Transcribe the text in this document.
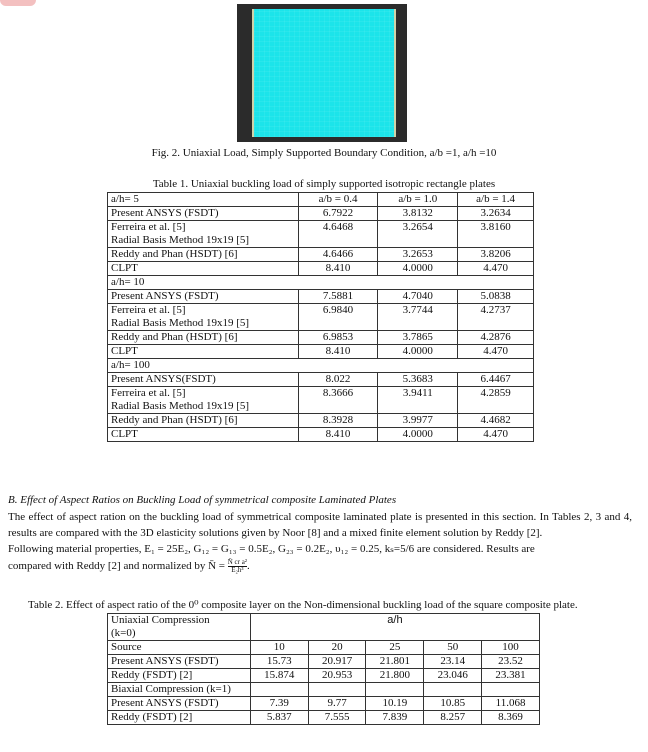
Fig. 2. Uniaxial Load, Simply Supported Boundary Condition, a/b =1, a/h =10
Table 1. Uniaxial buckling load of simply supported isotropic rectangle plates
a/h= 5	a/b = 0.4	a/b = 1.0	a/b = 1.4

Present ANSYS (FSDT)	6.7922	3.8132	3.2634

Ferreira et al. [5]
Radial Basis Method 19x19 [5]	4.6468	3.2654	3.8160

Reddy and Phan (HSDT) [6]	4.6466	3.2653	3.8206

CLPT	8.410	4.0000	4.470
a/h= 10			

Present ANSYS (FSDT)	7.5881	4.7040	5.0838

Ferreira et al. [5]
Radial Basis Method 19x19 [5]	6.9840	3.7744	4.2737

Reddy and Phan (HSDT) [6]	6.9853	3.7865	4.2876

CLPT	8.410	4.0000	4.470
a/h= 100			

Present ANSYS(FSDT)	8.022	5.3683	6.4467

Ferreira et al. [5]
Radial Basis Method 19x19 [5]	8.3666	3.9411	4.2859

Reddy and Phan (HSDT) [6]	8.3928	3.9977	4.4682

CLPT	8.410	4.0000	4.470
B. Effect of Aspect Ratios on Buckling Load of symmetrical composite Laminated Plates
The effect of aspect ration on the buckling load of symmetrical composite laminated plate is presented in this section. In Tables 2, 3 and 4, results are compared with the 3D elasticity solutions given by Noor [8] and a mixed finite element solution by Reddy [2].
Following material properties, E₁ = 25E₂, G₁₂ = G₁₃ = 0.5E₂, G₂₃ = 0.2E₂, υ₁₂ = 0.25, kₛ=5/6 are considered. Results are
compared with Reddy [2] and normalized by N̄ = $\frac{\text{N̄ cr a²}}{\text{E₂h³}}$ .
Table 2. Effect of aspect ratio of the 0⁰ composite layer on the Non-dimensional buckling load of the square composite plate.
Uniaxial Compression
(k=0)	a/h				

Source	10	20	25	50	100
Present ANSYS (FSDT)	15.73	20.917	21.801	23.14	23.52
Reddy (FSDT) [2]	15.874	20.953	21.800	23.046	23.381
Biaxial Compression (k=1)					
Present ANSYS (FSDT)	7.39	9.77	10.19	10.85	11.068
Reddy (FSDT) [2]	5.837	7.555	7.839	8.257	8.369
